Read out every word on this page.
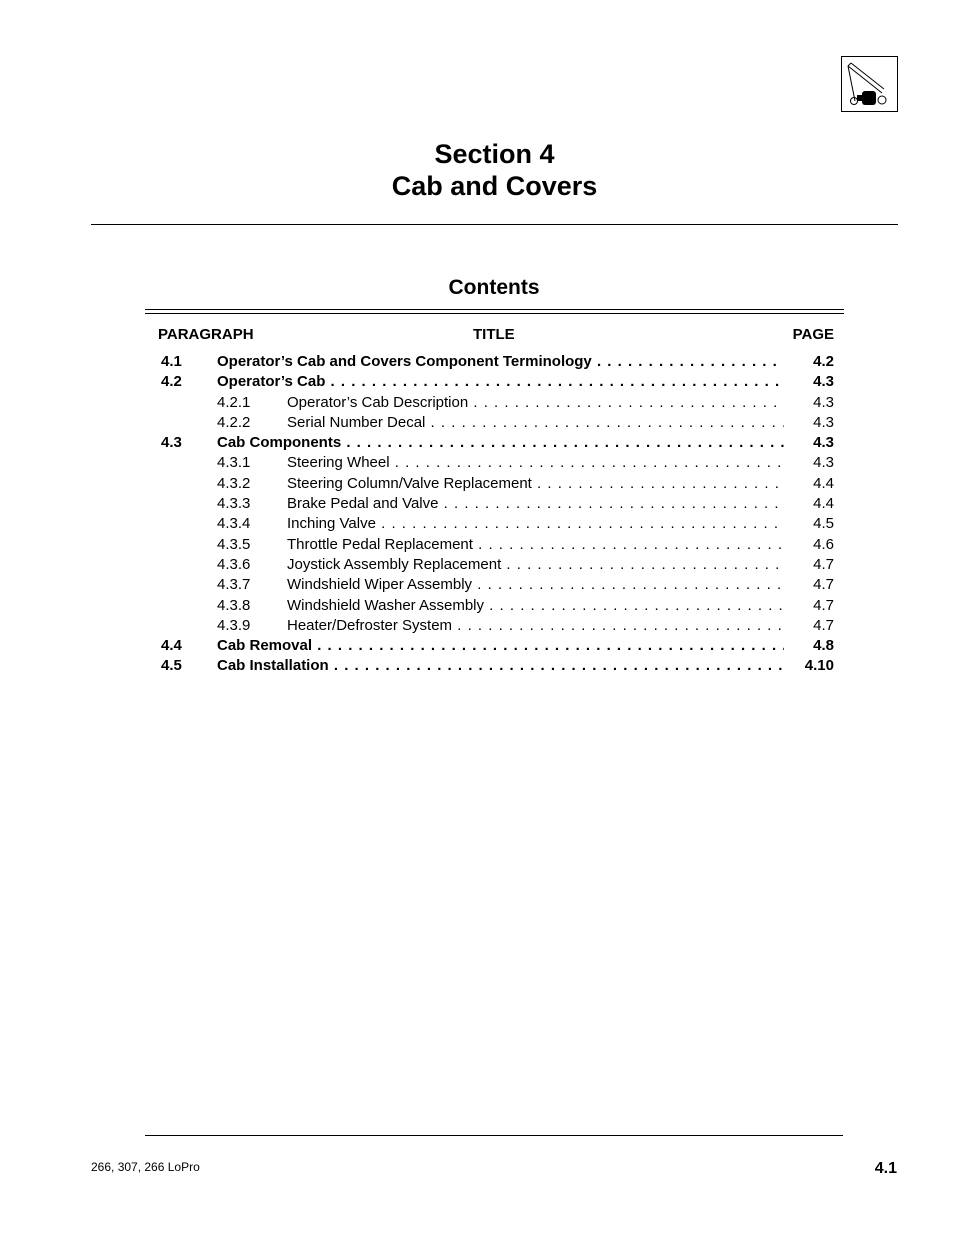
Section 4
Cab and Covers
Contents
PARAGRAPH	TITLE	PAGE
4.1 Operator’s Cab and Covers Component Terminology . . .	4.2
4.2 Operator’s Cab . . .	4.3
4.2.1 Operator’s Cab Description . . .	4.3
4.2.2 Serial Number Decal . . .	4.3
4.3 Cab Components . . .	4.3
4.3.1 Steering Wheel . . .	4.3
4.3.2 Steering Column/Valve Replacement . . .	4.4
4.3.3 Brake Pedal and Valve . . .	4.4
4.3.4 Inching Valve . . .	4.5
4.3.5 Throttle Pedal Replacement . . .	4.6
4.3.6 Joystick Assembly Replacement . . .	4.7
4.3.7 Windshield Wiper Assembly . . .	4.7
4.3.8 Windshield Washer Assembly . . .	4.7
4.3.9 Heater/Defroster System . . .	4.7
4.4 Cab Removal . . .	4.8
4.5 Cab Installation . . .	4.10
266, 307, 266 LoPro	4.1
